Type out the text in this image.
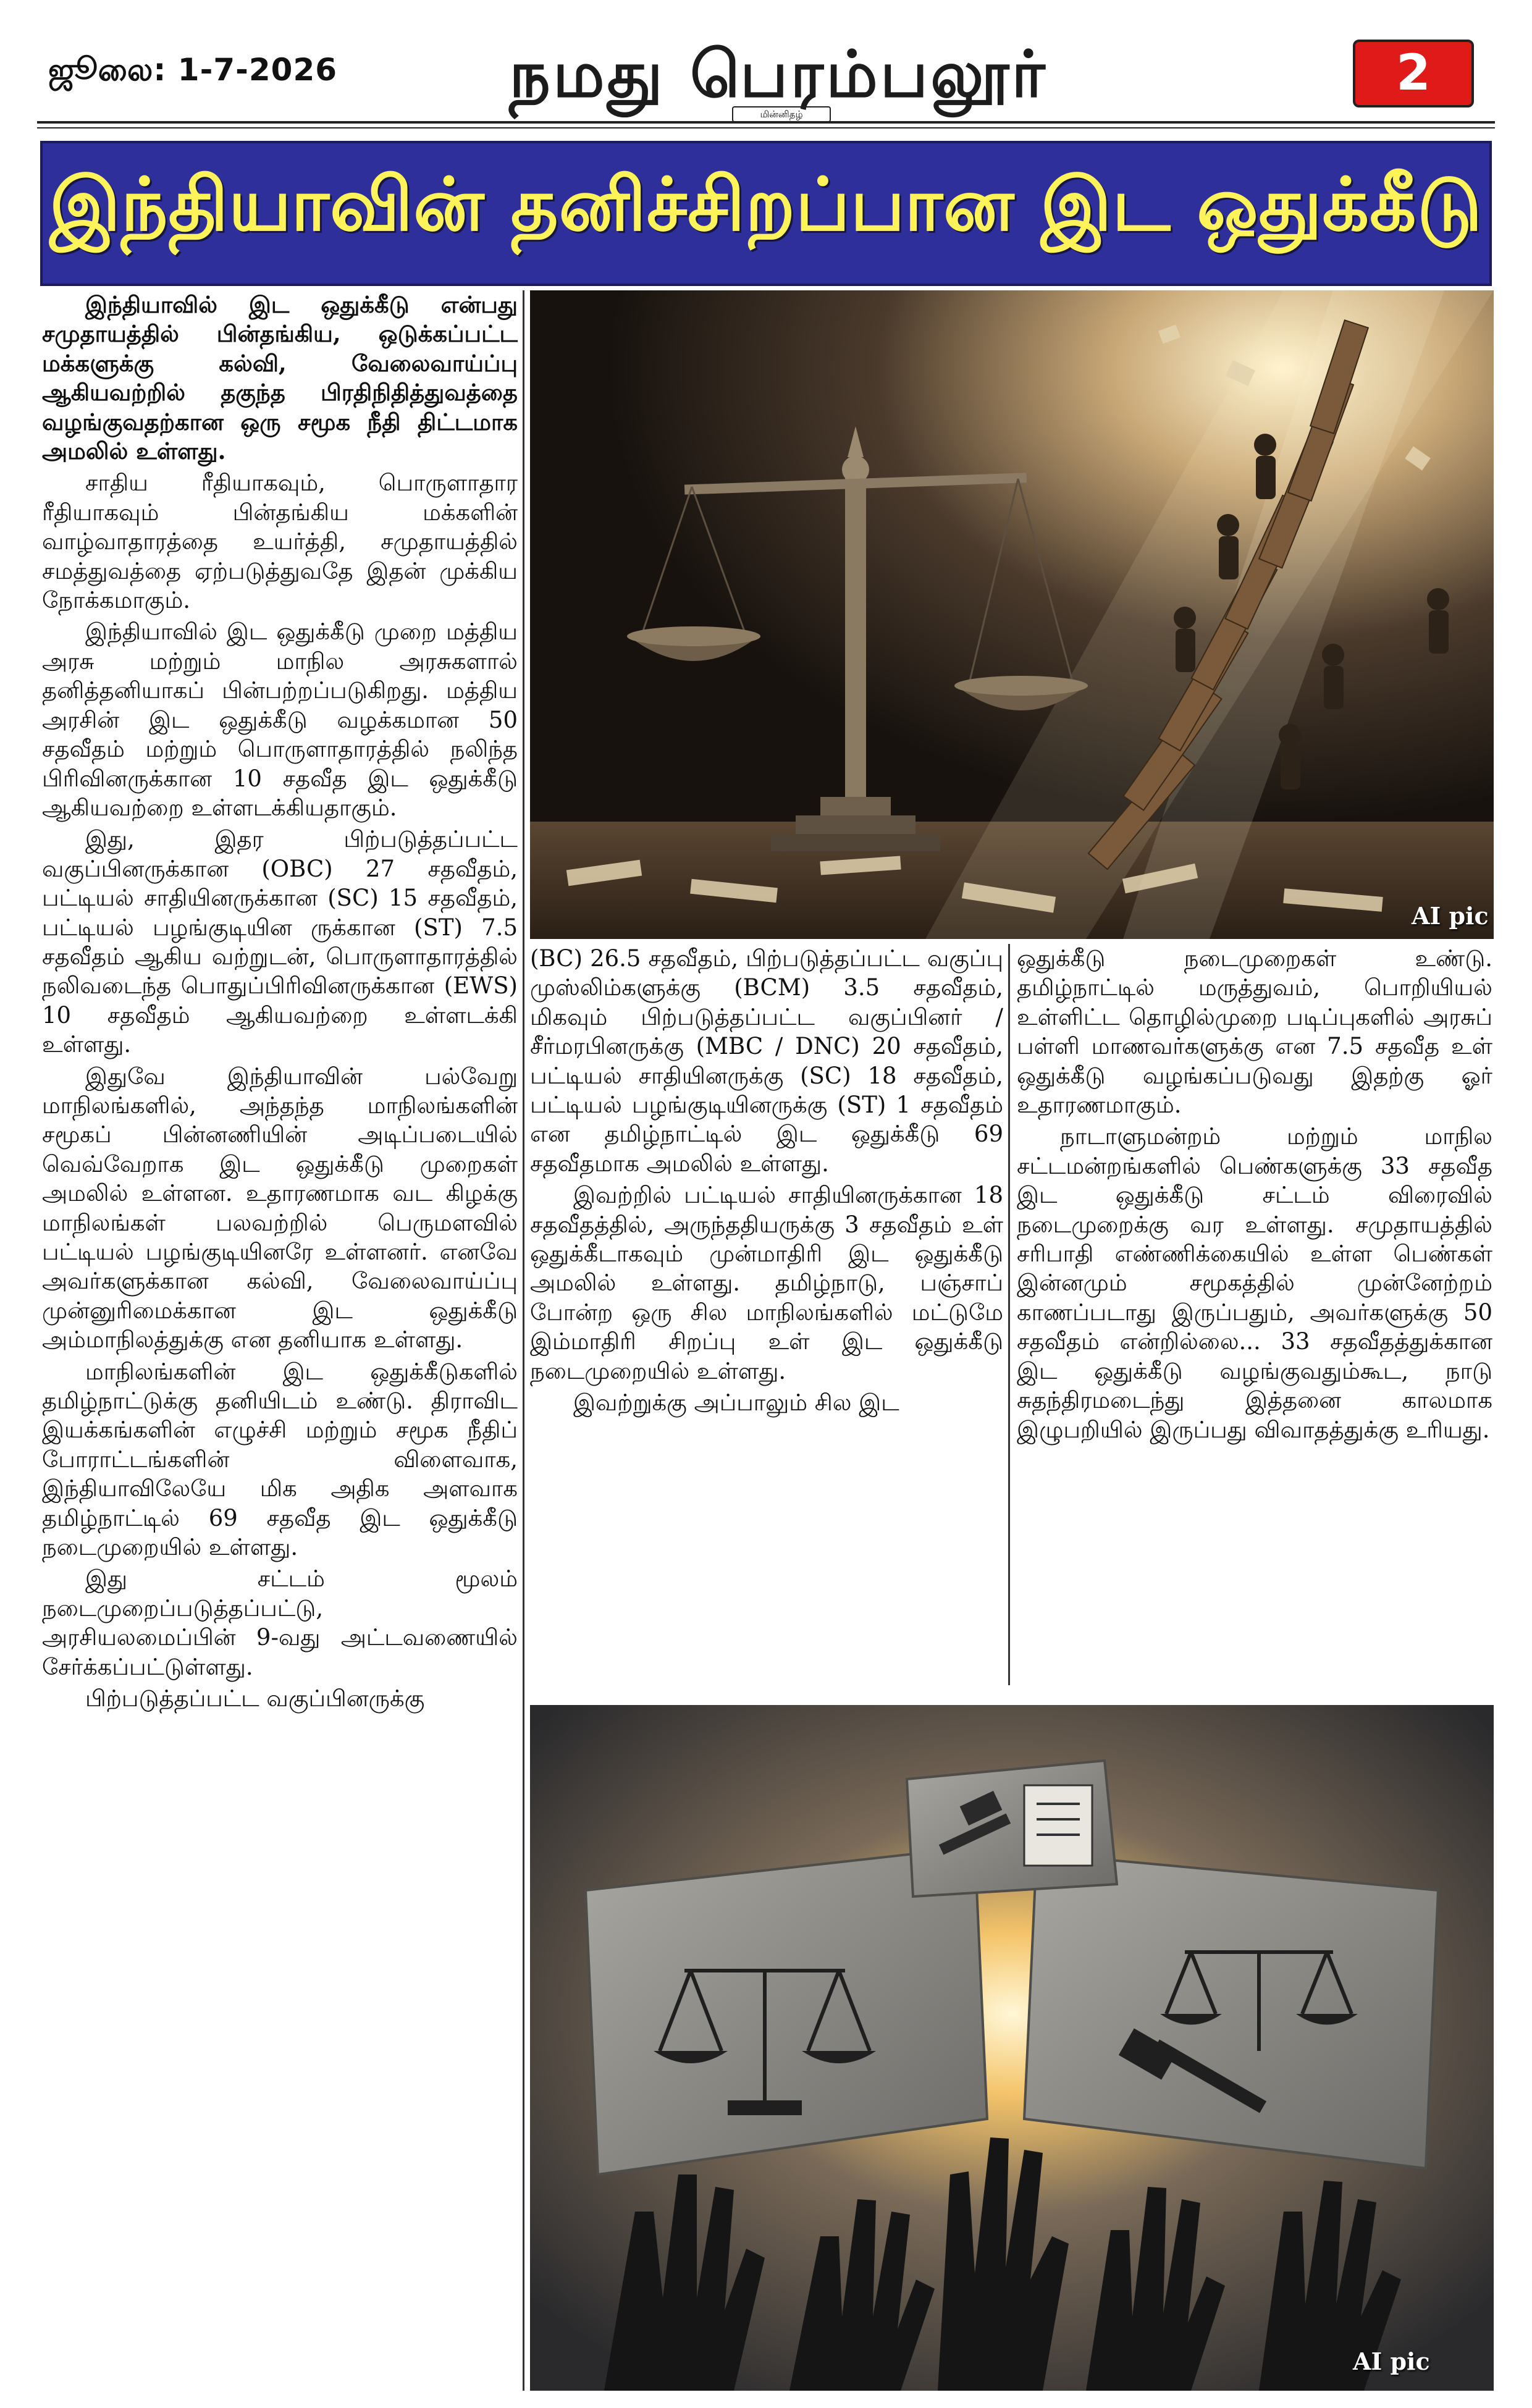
ஜூலை: 1-7-2026	நமது பெரம்பலூர்
மின்னிதழ்
2
இந்தியாவின் தனிச்சிறப்பான இட ஒதுக்கீடு

இந்தியாவில் இட ஒதுக்கீடு என்பது சமுதாயத்தில் பின்தங்கிய, ஒடுக்கப்பட்ட மக்களுக்கு கல்வி, வேலைவாய்ப்பு ஆகியவற்றில் தகுந்த பிரதிநிதித்துவத்தை வழங்குவதற்கான ஒரு சமூக நீதி திட்டமாக அமலில் உள்ளது.

சாதிய ரீதியாகவும், பொருளாதார ரீதியாகவும் பின்தங்கிய மக்களின் வாழ்வாதாரத்தை உயர்த்தி, சமுதாயத்தில் சமத்துவத்தை ஏற்படுத்துவதே இதன் முக்கிய நோக்கமாகும்.

இந்தியாவில் இட ஒதுக்கீடு முறை மத்திய அரசு மற்றும் மாநில அரசுகளால் தனித்தனியாகப் பின்பற்றப்படுகிறது. மத்திய அரசின் இட ஒதுக்கீடு வழக்கமான 50 சதவீதம் மற்றும் பொருளாதாரத்தில் நலிந்த பிரிவினருக்கான 10 சதவீத இட ஒதுக்கீடு ஆகியவற்றை உள்ளடக்கியதாகும்.

இது, இதர பிற்படுத்தப்பட்ட வகுப்பினருக்கான (OBC) 27 சதவீதம், பட்டியல் சாதியினருக்கான (SC) 15 சதவீதம், பட்டியல் பழங்குடியின ருக்கான (ST) 7.5 சதவீதம் ஆகிய வற்றுடன், பொருளாதாரத்தில் நலிவடைந்த பொதுப்பிரிவினருக்கான (EWS) 10 சதவீதம் ஆகியவற்றை உள்ளடக்கி உள்ளது.

இதுவே இந்தியாவின் பல்வேறு மாநிலங்களில், அந்தந்த மாநிலங்களின் சமூகப் பின்னணியின் அடிப்படையில் வெவ்வேறாக இட ஒதுக்கீடு முறைகள் அமலில் உள்ளன. உதாரணமாக வட கிழக்கு மாநிலங்கள் பலவற்றில் பெருமளவில் பட்டியல் பழங்குடியினரே உள்ளனர். எனவே அவர்களுக்கான கல்வி, வேலைவாய்ப்பு முன்னுரிமைக்கான இட ஒதுக்கீடு அம்மாநிலத்துக்கு என தனியாக உள்ளது.

மாநிலங்களின் இட ஒதுக்கீடுகளில் தமிழ்நாட்டுக்கு தனியிடம் உண்டு. திராவிட இயக்கங்களின் எழுச்சி மற்றும் சமூக நீதிப் போராட்டங்களின் விளைவாக, இந்தியாவிலேயே மிக அதிக அளவாக தமிழ்நாட்டில் 69 சதவீத இட ஒதுக்கீடு நடைமுறையில் உள்ளது.

இது சட்டம் மூலம் நடைமுறைப்படுத்தப்பட்டு, அரசியலமைப்பின் 9-வது அட்டவணையில் சேர்க்கப்பட்டுள்ளது.

பிற்படுத்தப்பட்ட வகுப்பினருக்கு

AI pic

(BC) 26.5 சதவீதம், பிற்படுத்தப்பட்ட வகுப்பு முஸ்லிம்களுக்கு (BCM) 3.5 சதவீதம், மிகவும் பிற்படுத்தப்பட்ட வகுப்பினர் / சீர்மரபினருக்கு (MBC / DNC) 20 சதவீதம், பட்டியல் சாதியினருக்கு (SC) 18 சதவீதம், பட்டியல் பழங்குடியினருக்கு (ST) 1 சதவீதம் என தமிழ்நாட்டில் இட ஒதுக்கீடு 69 சதவீதமாக அமலில் உள்ளது.

இவற்றில் பட்டியல் சாதியினருக்கான 18 சதவீதத்தில், அருந்ததியருக்கு 3 சதவீதம் உள் ஒதுக்கீடாகவும் முன்மாதிரி இட ஒதுக்கீடு அமலில் உள்ளது. தமிழ்நாடு, பஞ்சாப் போன்ற ஒரு சில மாநிலங்களில் மட்டுமே இம்மாதிரி சிறப்பு உள் இட ஒதுக்கீடு நடைமுறையில் உள்ளது.

இவற்றுக்கு அப்பாலும் சில இட

ஒதுக்கீடு நடைமுறைகள் உண்டு. தமிழ்நாட்டில் மருத்துவம், பொறியியல் உள்ளிட்ட தொழில்முறை படிப்புகளில் அரசுப் பள்ளி மாணவர்களுக்கு என 7.5 சதவீத உள் ஒதுக்கீடு வழங்கப்படுவது இதற்கு ஓர் உதாரணமாகும்.

நாடாளுமன்றம் மற்றும் மாநில சட்டமன்றங்களில் பெண்களுக்கு 33 சதவீத இட ஒதுக்கீடு சட்டம் விரைவில் நடைமுறைக்கு வர உள்ளது. சமுதாயத்தில் சரிபாதி எண்ணிக்கையில் உள்ள பெண்கள் இன்னமும் சமூகத்தில் முன்னேற்றம் காணப்படாது இருப்பதும், அவர்களுக்கு 50 சதவீதம் என்றில்லை... 33 சதவீதத்துக்கான இட ஒதுக்கீடு வழங்குவதும்கூட, நாடு சுதந்திரமடைந்து இத்தனை காலமாக இழுபறியில் இருப்பது விவாதத்துக்கு உரியது.

AI pic
